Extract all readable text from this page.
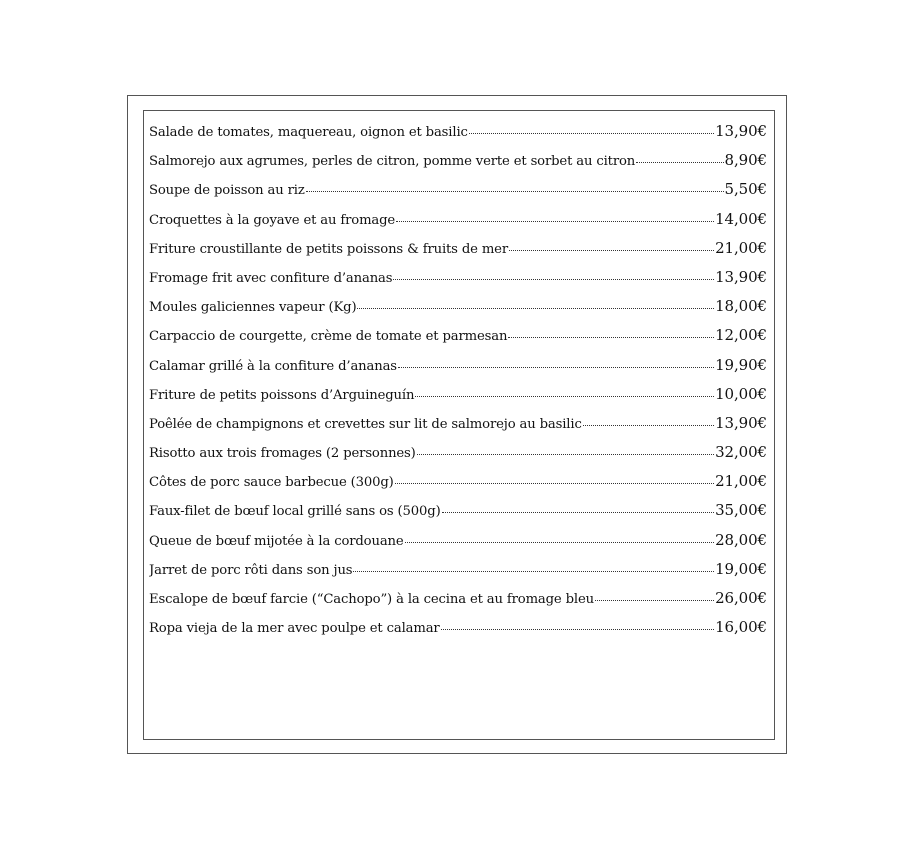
Salade de tomates, maquereau, oignon et basilic	13,90€
Salmorejo aux agrumes, perles de citron, pomme verte et sorbet au citron	8,90€
Soupe de poisson au riz	5,50€
Croquettes à la goyave et au fromage	14,00€
Friture croustillante de petits poissons & fruits de mer	21,00€
Fromage frit avec confiture d’ananas	13,90€
Moules galiciennes vapeur (Kg)	18,00€
Carpaccio de courgette, crème de tomate et parmesan	12,00€
Calamar grillé à la confiture d’ananas	19,90€
Friture de petits poissons d’Arguineguín	10,00€
Poêlée de champignons et crevettes sur lit de salmorejo au basilic	13,90€
Risotto aux trois fromages (2 personnes)	32,00€
Côtes de porc sauce barbecue (300g)	21,00€
Faux-filet de bœuf local grillé sans os (500g)	35,00€
Queue de bœuf mijotée à la cordouane	28,00€
Jarret de porc rôti dans son jus	19,00€
Escalope de bœuf farcie (“Cachopo”) à la cecina et au fromage bleu	26,00€
Ropa vieja de la mer avec poulpe et calamar	16,00€
